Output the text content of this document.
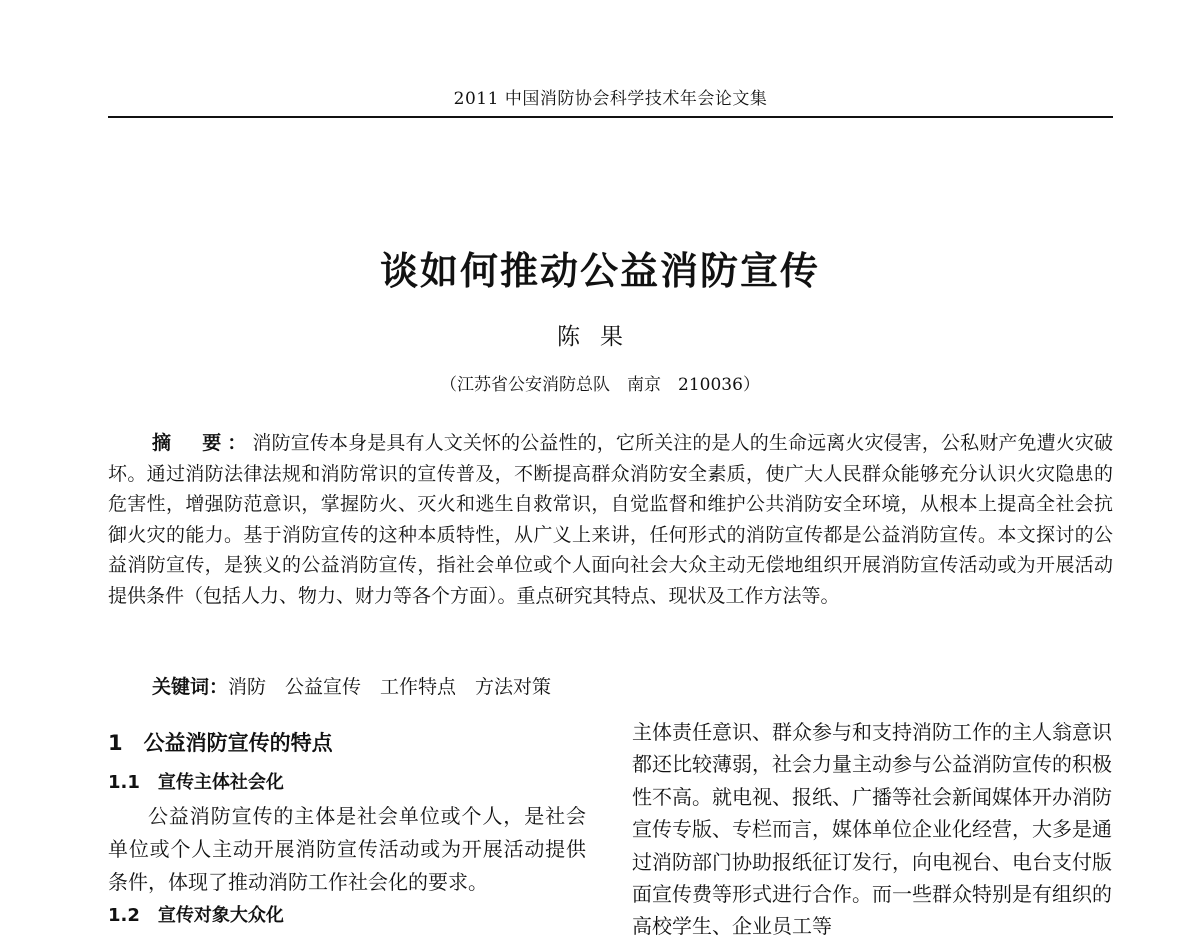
2011 中国消防协会科学技术年会论文集
谈如何推动公益消防宣传
陈果
（江苏省公安消防总队　南京　210036）
摘　要：消防宣传本身是具有人文关怀的公益性的，它所关注的是人的生命远离火灾侵害，公私财产免遭火灾破坏。通过消防法律法规和消防常识的宣传普及，不断提高群众消防安全素质，使广大人民群众能够充分认识火灾隐患的危害性，增强防范意识，掌握防火、灭火和逃生自救常识，自觉监督和维护公共消防安全环境，从根本上提高全社会抗御火灾的能力。基于消防宣传的这种本质特性，从广义上来讲，任何形式的消防宣传都是公益消防宣传。本文探讨的公益消防宣传，是狭义的公益消防宣传，指社会单位或个人面向社会大众主动无偿地组织开展消防宣传活动或为开展活动提供条件（包括人力、物力、财力等各个方面）。重点研究其特点、现状及工作方法等。
关键词：消防　公益宣传　工作特点　方法对策
1　公益消防宣传的特点
1.1　宣传主体社会化
公益消防宣传的主体是社会单位或个人，是社会单位或个人主动开展消防宣传活动或为开展活动提供条件，体现了推动消防工作社会化的要求。
1.2　宣传对象大众化
主体责任意识、群众参与和支持消防工作的主人翁意识都还比较薄弱，社会力量主动参与公益消防宣传的积极性不高。就电视、报纸、广播等社会新闻媒体开办消防宣传专版、专栏而言，媒体单位企业化经营，大多是通过消防部门协助报纸征订发行，向电视台、电台支付版面宣传费等形式进行合作。而一些群众特别是有组织的高校学生、企业员工等
